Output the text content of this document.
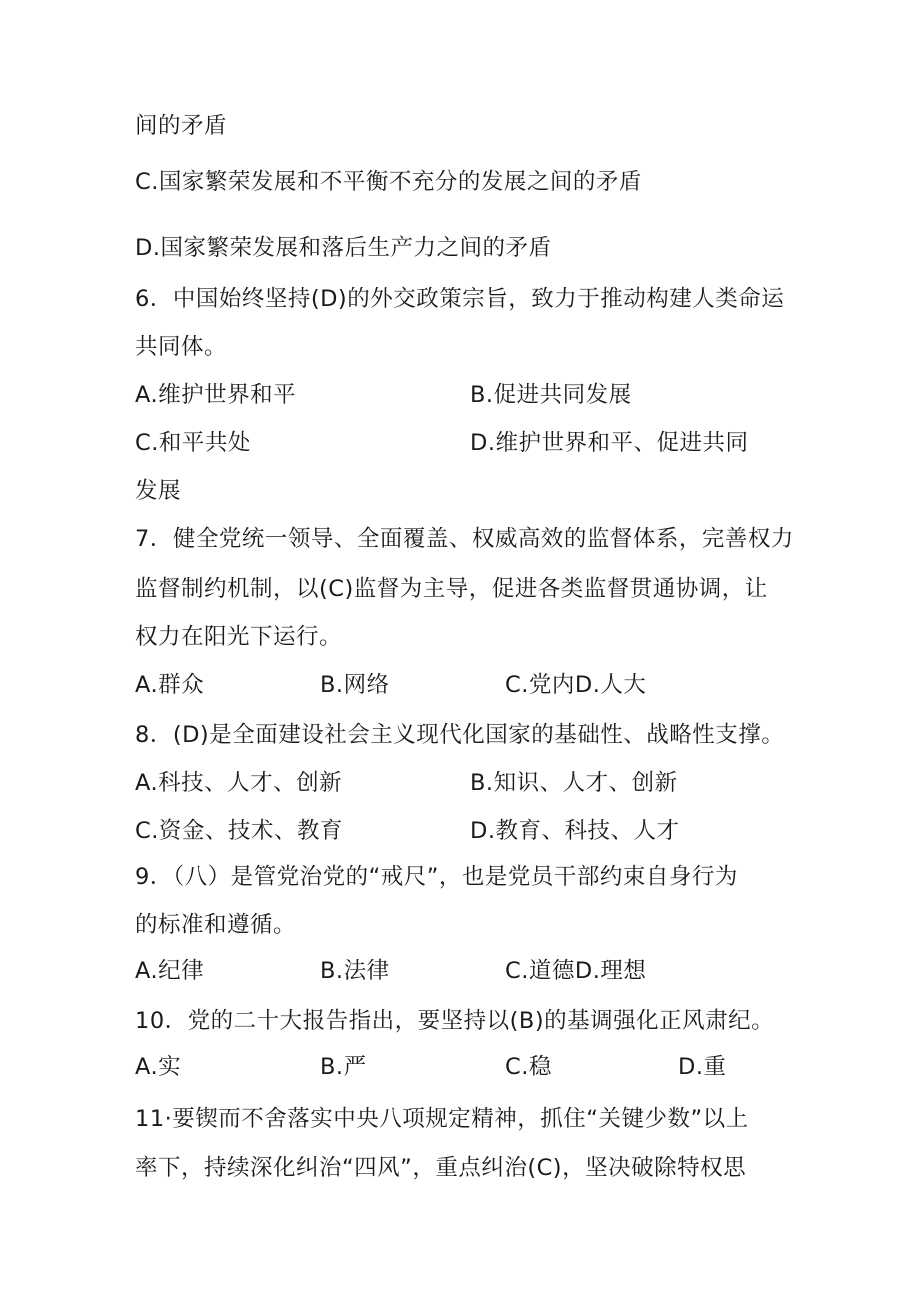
间的矛盾

C.国家繁荣发展和不平衡不充分的发展之间的矛盾

D.国家繁荣发展和落后生产力之间的矛盾

6．中国始终坚持(D)的外交政策宗旨，致力于推动构建人类命运

共同体。

A.维护世界和平	B.促进共同发展
C.和平共处	D.维护世界和平、促进共同

发展

7．健全党统一领导、全面覆盖、权威高效的监督体系，完善权力

监督制约机制，以(C)监督为主导，促进各类监督贯通协调，让

权力在阳光下运行。

A.群众	B.网络	C.党内D.人大

8．(D)是全面建设社会主义现代化国家的基础性、战略性支撑。

A.科技、人才、创新	B.知识、人才、创新
C.资金、技术、教育	D.教育、科技、人才

9．（八）是管党治党的“戒尺”，也是党员干部约束自身行为

的标准和遵循。

A.纪律	B.法律	C.道德D.理想

10．党的二十大报告指出，要坚持以(B)的基调强化正风肃纪。

A.实	B.严	C.稳	D.重

11·要锲而不舍落实中央八项规定精神，抓住“关键少数”以上

率下，持续深化纠治“四风”，重点纠治(C)，坚决破除特权思
